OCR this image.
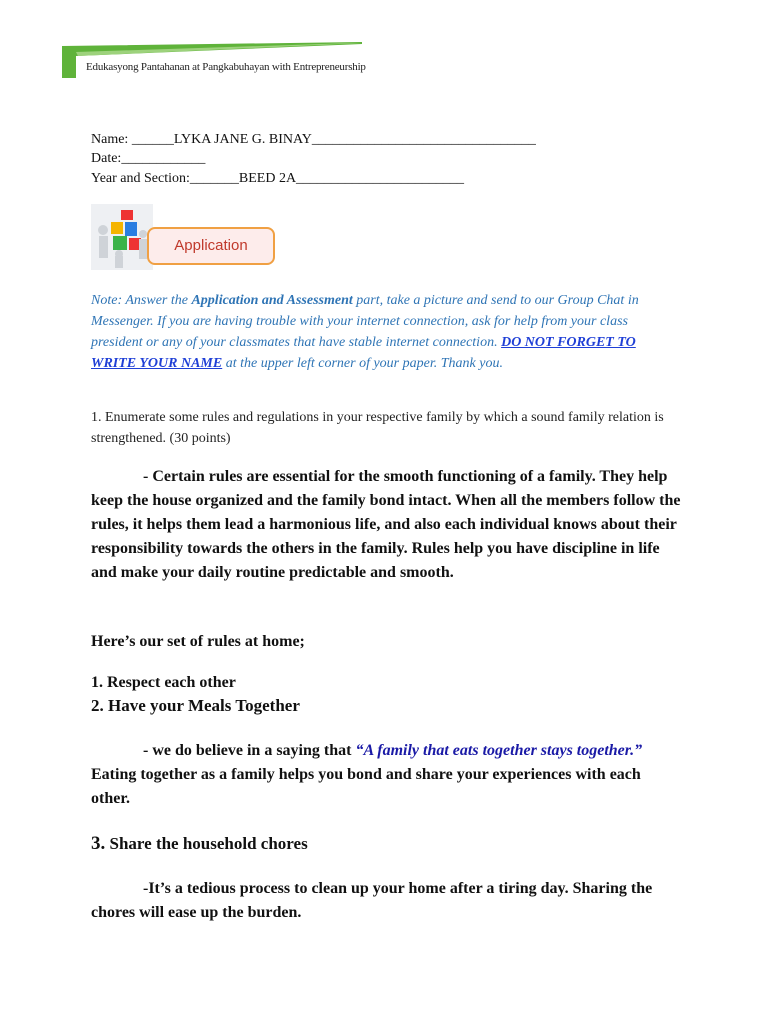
Edukasyong Pantahanan at Pangkabuhayan with Entrepreneurship
Name: ______LYKA JANE G. BINAY________________________________
Date:____________
Year and Section:_______BEED 2A________________________
Application
Note: Answer the Application and Assessment part, take a picture and send to our Group Chat in Messenger. If you are having trouble with your internet connection, ask for help from your class president or any of your classmates that have stable internet connection. DO NOT FORGET TO WRITE YOUR NAME at the upper left corner of your paper. Thank you.
1. Enumerate some rules and regulations in your respective family by which a sound family relation is strengthened. (30 points)
- Certain rules are essential for the smooth functioning of a family. They help keep the house organized and the family bond intact. When all the members follow the rules, it helps them lead a harmonious life, and also each individual knows about their responsibility towards the others in the family. Rules help you have discipline in life and make your daily routine predictable and smooth.
Here’s our set of rules at home;
1. Respect each other
2. Have your Meals Together
- we do believe in a saying that “A family that eats together stays together.” Eating together as a family helps you bond and share your experiences with each other.
3. Share the household chores
-It’s a tedious process to clean up your home after a tiring day. Sharing the chores will ease up the burden.
